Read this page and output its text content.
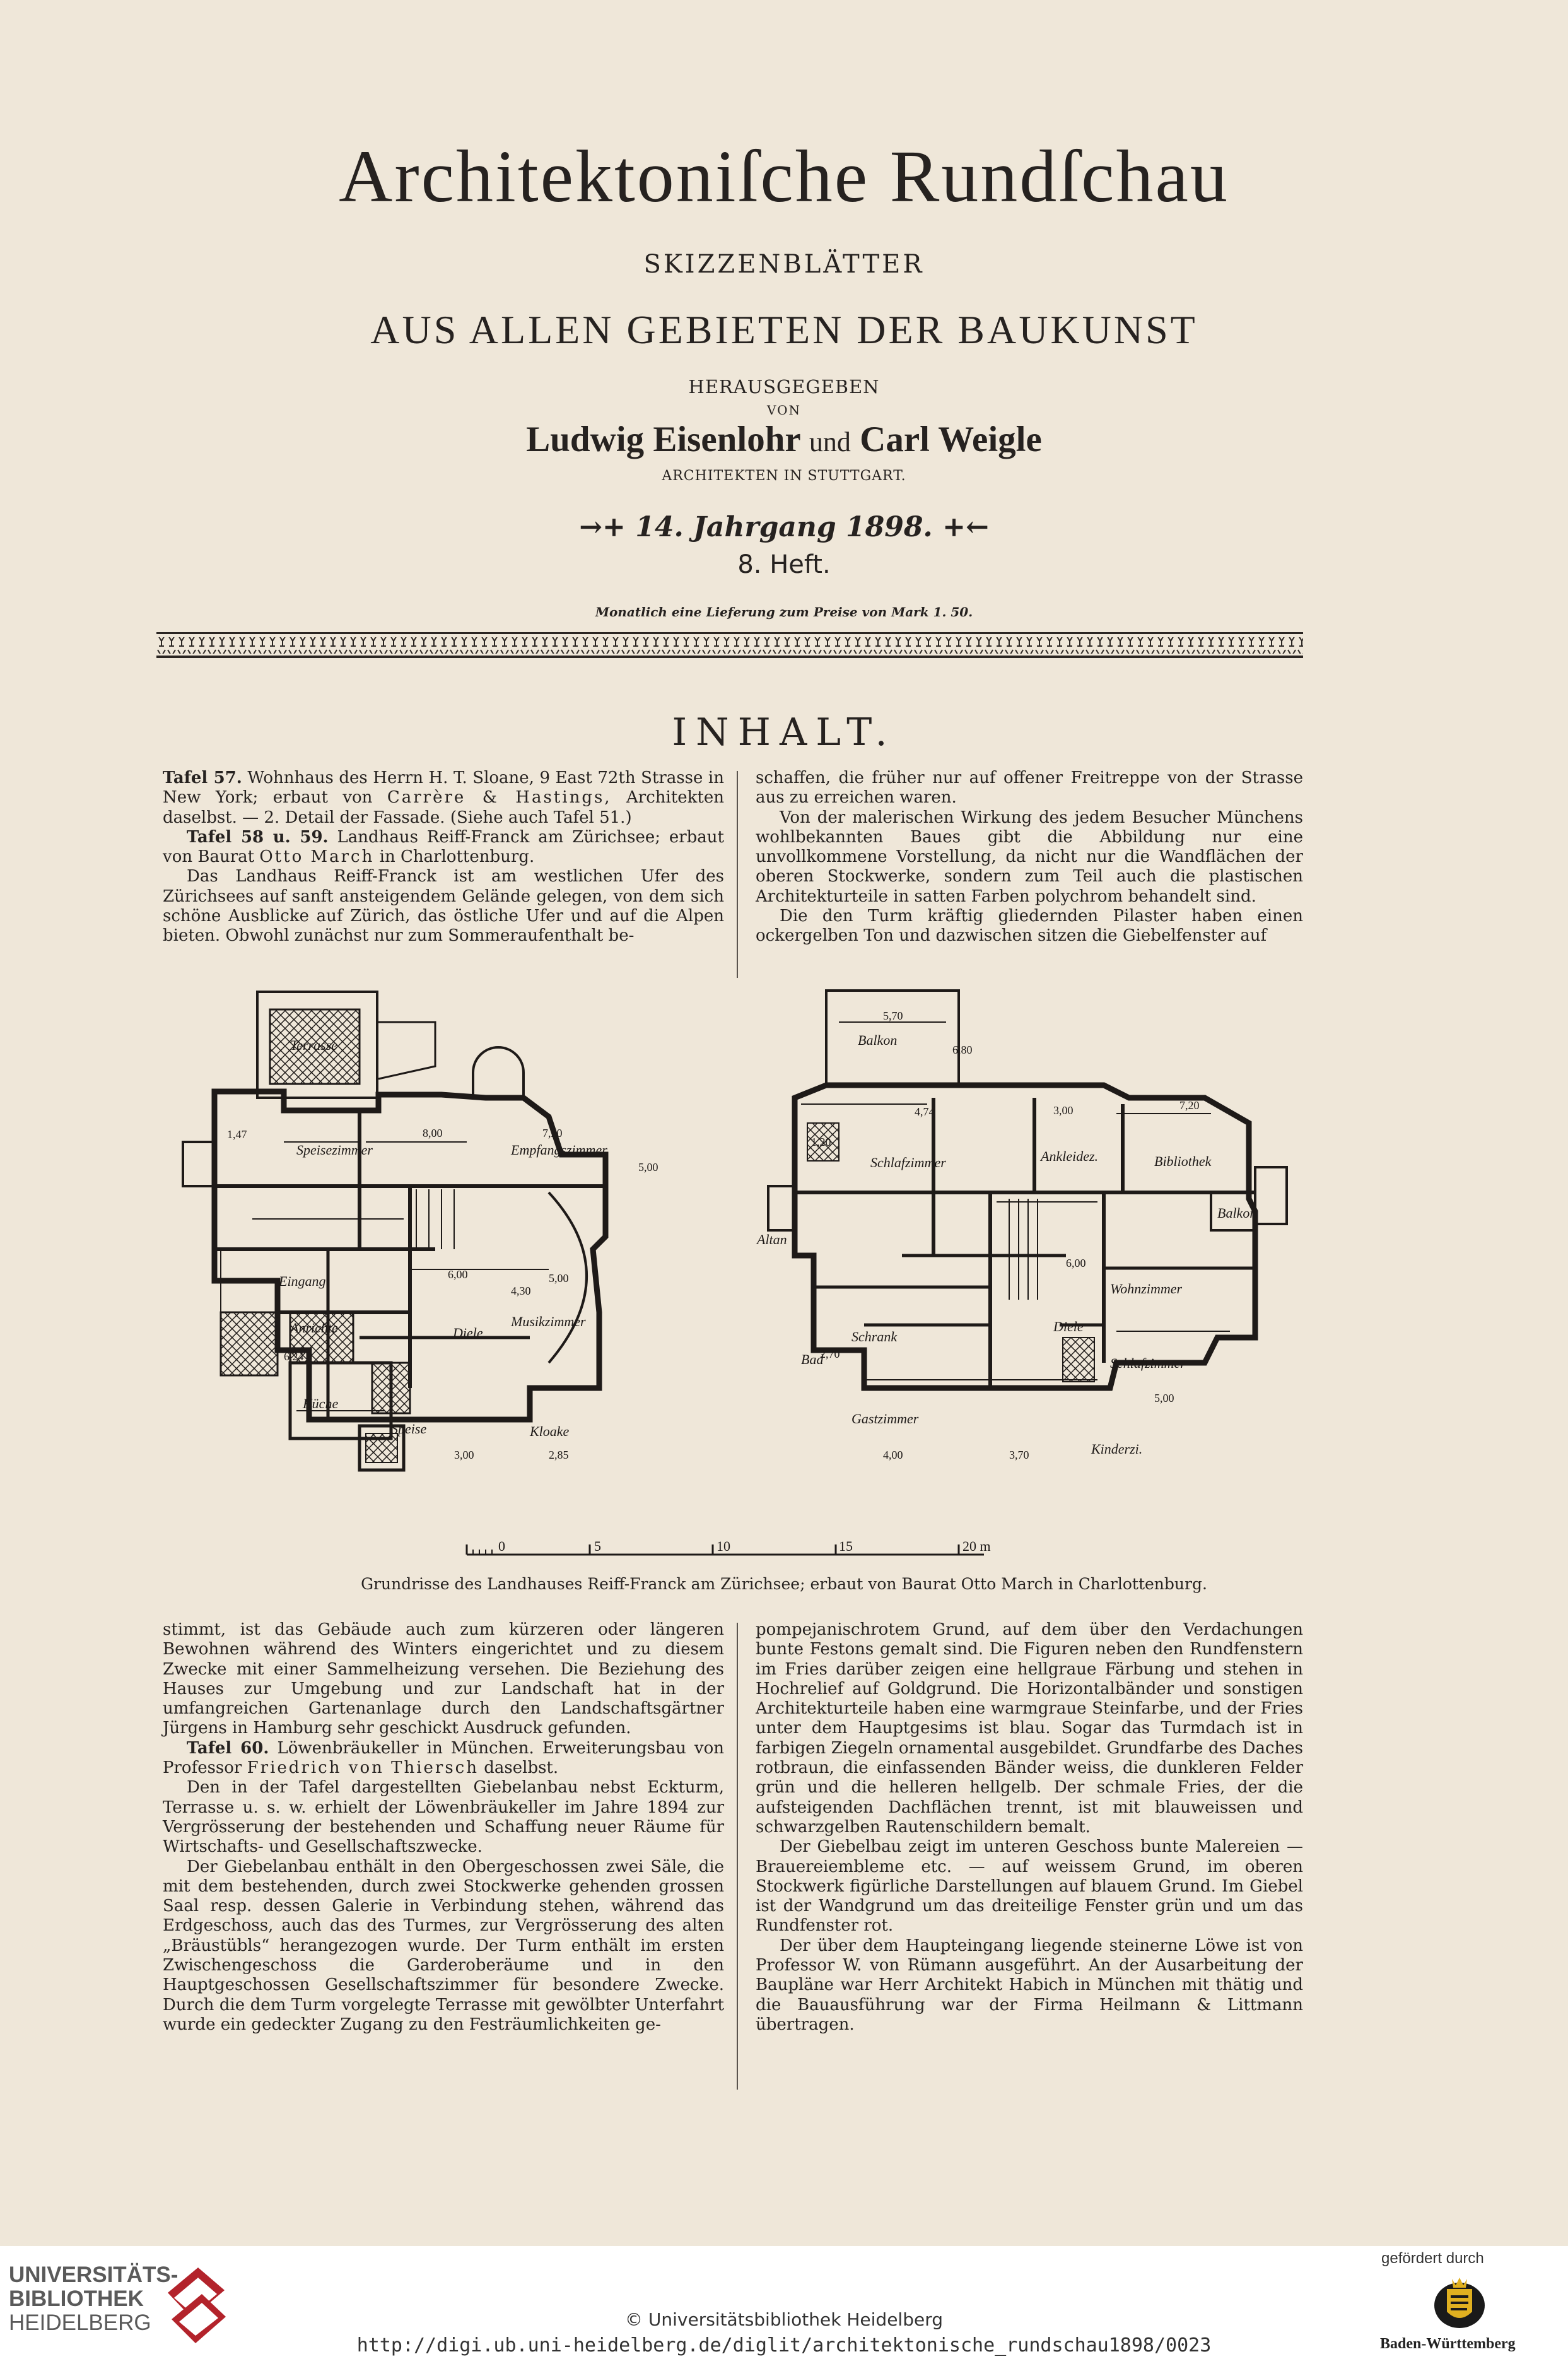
Architektoniſche Rundſchau
SKIZZENBLÄTTER
AUS ALLEN GEBIETEN DER BAUKUNST
HERAUSGEGEBEN
VON
Ludwig Eisenlohr und Carl Weigle
ARCHITEKTEN IN STUTTGART.
→+ 14. Jahrgang 1898. +←
8. Heft.
Monatlich eine Lieferung zum Preise von Mark 1. 50.
INHALT.

Tafel 57. Wohnhaus des Herrn H. T. Sloane, 9 East 72th Strasse in New York; erbaut von Carrère & Hastings, Architekten daselbst. — 2. Detail der Fassade. (Siehe auch Tafel 51.)

Tafel 58 u. 59. Landhaus Reiff-Franck am Zürichsee; erbaut von Baurat Otto March in Charlottenburg.

Das Landhaus Reiff-Franck ist am westlichen Ufer des Zürichsees auf sanft ansteigendem Gelände gelegen, von dem sich schöne Ausblicke auf Zürich, das östliche Ufer und auf die Alpen bieten. Obwohl zunächst nur zum Sommeraufenthalt be-

schaffen, die früher nur auf offener Freitreppe von der Strasse aus zu erreichen waren.

Von der malerischen Wirkung des jedem Besucher Münchens wohlbekannten Baues gibt die Abbildung nur eine unvollkommene Vorstellung, da nicht nur die Wandflächen der oberen Stockwerke, sondern zum Teil auch die plastischen Architekturteile in satten Farben polychrom behandelt sind.

Die den Turm kräftig gliedernden Pilaster haben einen ockergelben Ton und dazwischen sitzen die Giebelfenster auf

Terrasse
Speisezimmer	Empfangszimmer
Diele
Musikzimmer
Anrichte
Küche
Speise	Kloake
Eingang
8,00	7,20
6,00	5,00
3,00	2,85
6,24
4,30
1,47
5,00
Balkon
Schlafzimmer	Ankleidez.	Bibliothek
Diele
Schrank
Bad
Gastzimmer
Wohnzimmer
Schlafzimmer
Balkon
Altan
Kinderzi.
5,70
6,80
4,74	3,00	7,20
6,00
4,00	3,70
5,00
2,70
1,20
0	5	10	15	20 m
Grundrisse des Landhauses Reiff-Franck am Zürichsee; erbaut von Baurat Otto March in Charlottenburg.

stimmt, ist das Gebäude auch zum kürzeren oder längeren Bewohnen während des Winters eingerichtet und zu diesem Zwecke mit einer Sammelheizung versehen. Die Beziehung des Hauses zur Umgebung und zur Landschaft hat in der umfangreichen Gartenanlage durch den Landschaftsgärtner Jürgens in Hamburg sehr geschickt Ausdruck gefunden.

Tafel 60. Löwenbräukeller in München. Erweiterungsbau von Professor Friedrich von Thiersch daselbst.

Den in der Tafel dargestellten Giebelanbau nebst Eckturm, Terrasse u. s. w. erhielt der Löwenbräukeller im Jahre 1894 zur Vergrösserung der bestehenden und Schaffung neuer Räume für Wirtschafts- und Gesellschaftszwecke.

Der Giebelanbau enthält in den Obergeschossen zwei Säle, die mit dem bestehenden, durch zwei Stockwerke gehenden grossen Saal resp. dessen Galerie in Verbindung stehen, während das Erdgeschoss, auch das des Turmes, zur Vergrösserung des alten „Bräustübls“ herangezogen wurde. Der Turm enthält im ersten Zwischengeschoss die Garderoberäume und in den Hauptgeschossen Gesellschaftszimmer für besondere Zwecke. Durch die dem Turm vorgelegte Terrasse mit gewölbter Unterfahrt wurde ein gedeckter Zugang zu den Festräumlichkeiten ge-

pompejanischrotem Grund, auf dem über den Verdachungen bunte Festons gemalt sind. Die Figuren neben den Rundfenstern im Fries darüber zeigen eine hellgraue Färbung und stehen in Hochrelief auf Goldgrund. Die Horizontalbänder und sonstigen Architekturteile haben eine warmgraue Steinfarbe, und der Fries unter dem Hauptgesims ist blau. Sogar das Turmdach ist in farbigen Ziegeln ornamental ausgebildet. Grundfarbe des Daches rotbraun, die einfassenden Bänder weiss, die dunkleren Felder grün und die helleren hellgelb. Der schmale Fries, der die aufsteigenden Dachflächen trennt, ist mit blauweissen und schwarzgelben Rautenschildern bemalt.

Der Giebelbau zeigt im unteren Geschoss bunte Malereien — Brauereiembleme etc. — auf weissem Grund, im oberen Stockwerk figürliche Darstellungen auf blauem Grund. Im Giebel ist der Wandgrund um das dreiteilige Fenster grün und um das Rundfenster rot.

Der über dem Haupteingang liegende steinerne Löwe ist von Professor W. von Rümann ausgeführt. An der Ausarbeitung der Baupläne war Herr Architekt Habich in München mit thätig und die Bauausführung war der Firma Heilmann & Littmann übertragen.

UNIVERSITÄTS-
BIBLIOTHEK
HEIDELBERG	© Universitätsbibliothek Heidelberg
http://digi.ub.uni-heidelberg.de/diglit/architektonische_rundschau1898/0023
gefördert durch
Baden-Württemberg
